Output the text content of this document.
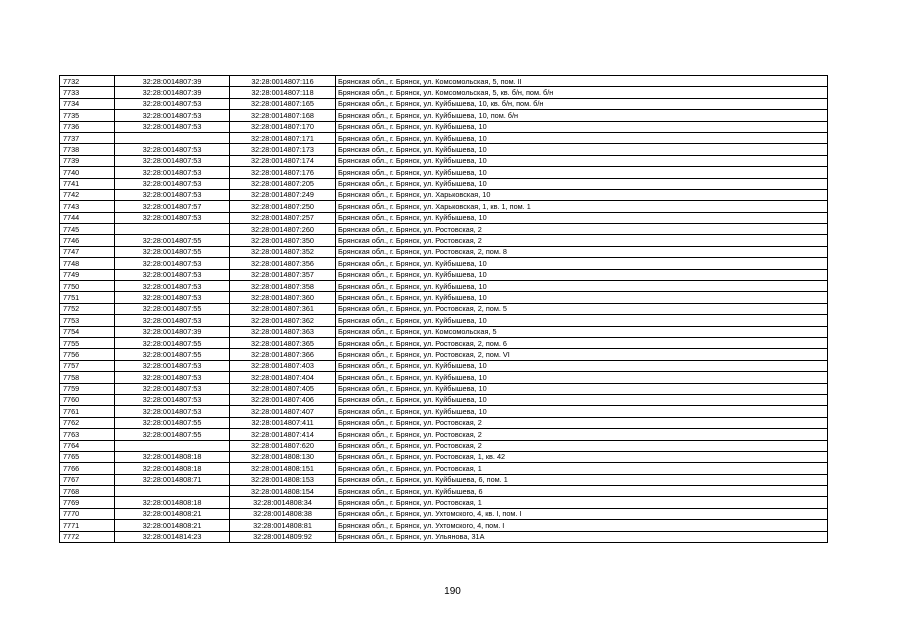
7732	32:28:0014807:39	32:28:0014807:116	Брянская обл., г. Брянск, ул. Комсомольская, 5, пом. II
7733	32:28:0014807:39	32:28:0014807:118	Брянская обл., г. Брянск, ул. Комсомольская, 5, кв. б/н, пом. б/н
7734	32:28:0014807:53	32:28:0014807:165	Брянская обл., г. Брянск, ул. Куйбышева, 10, кв. б/н, пом. б/н
7735	32:28:0014807:53	32:28:0014807:168	Брянская обл., г. Брянск, ул. Куйбышева, 10, пом. б/н
7736	32:28:0014807:53	32:28:0014807:170	Брянская обл., г. Брянск, ул. Куйбышева, 10
7737		32:28:0014807:171	Брянская обл., г. Брянск, ул. Куйбышева, 10
7738	32:28:0014807:53	32:28:0014807:173	Брянская обл., г. Брянск, ул. Куйбышева, 10
7739	32:28:0014807:53	32:28:0014807:174	Брянская обл., г. Брянск, ул. Куйбышева, 10
7740	32:28:0014807:53	32:28:0014807:176	Брянская обл., г. Брянск, ул. Куйбышева, 10
7741	32:28:0014807:53	32:28:0014807:205	Брянская обл., г. Брянск, ул. Куйбышева, 10
7742	32:28:0014807:53	32:28:0014807:249	Брянская обл., г. Брянск, ул. Харьковская, 10
7743	32:28:0014807:57	32:28:0014807:250	Брянская обл., г. Брянск, ул. Харьковская, 1, кв. 1, пом. 1
7744	32:28:0014807:53	32:28:0014807:257	Брянская обл., г. Брянск, ул. Куйбышева, 10
7745		32:28:0014807:260	Брянская обл., г. Брянск, ул. Ростовская, 2
7746	32:28:0014807:55	32:28:0014807:350	Брянская обл., г. Брянск, ул. Ростовская, 2
7747	32:28:0014807:55	32:28:0014807:352	Брянская обл., г. Брянск, ул. Ростовская, 2, пом. 8
7748	32:28:0014807:53	32:28:0014807:356	Брянская обл., г. Брянск, ул. Куйбышева, 10
7749	32:28:0014807:53	32:28:0014807:357	Брянская обл., г. Брянск, ул. Куйбышева, 10
7750	32:28:0014807:53	32:28:0014807:358	Брянская обл., г. Брянск, ул. Куйбышева, 10
7751	32:28:0014807:53	32:28:0014807:360	Брянская обл., г. Брянск, ул. Куйбышева, 10
7752	32:28:0014807:55	32:28:0014807:361	Брянская обл., г. Брянск, ул. Ростовская, 2, пом. 5
7753	32:28:0014807:53	32:28:0014807:362	Брянская обл., г. Брянск, ул. Куйбышева, 10
7754	32:28:0014807:39	32:28:0014807:363	Брянская обл., г. Брянск, ул. Комсомольская, 5
7755	32:28:0014807:55	32:28:0014807:365	Брянская обл., г. Брянск, ул. Ростовская, 2, пом. 6
7756	32:28:0014807:55	32:28:0014807:366	Брянская обл., г. Брянск, ул. Ростовская, 2, пом. VI
7757	32:28:0014807:53	32:28:0014807:403	Брянская обл., г. Брянск, ул. Куйбышева, 10
7758	32:28:0014807:53	32:28:0014807:404	Брянская обл., г. Брянск, ул. Куйбышева, 10
7759	32:28:0014807:53	32:28:0014807:405	Брянская обл., г. Брянск, ул. Куйбышева, 10
7760	32:28:0014807:53	32:28:0014807:406	Брянская обл., г. Брянск, ул. Куйбышева, 10
7761	32:28:0014807:53	32:28:0014807:407	Брянская обл., г. Брянск, ул. Куйбышева, 10
7762	32:28:0014807:55	32:28:0014807:411	Брянская обл., г. Брянск, ул. Ростовская, 2
7763	32:28:0014807:55	32:28:0014807:414	Брянская обл., г. Брянск, ул. Ростовская, 2
7764		32:28:0014807:620	Брянская обл., г. Брянск, ул. Ростовская, 2
7765	32:28:0014808:18	32:28:0014808:130	Брянская обл., г. Брянск, ул. Ростовская, 1, кв. 42
7766	32:28:0014808:18	32:28:0014808:151	Брянская обл., г. Брянск, ул. Ростовская, 1
7767	32:28:0014808:71	32:28:0014808:153	Брянская обл., г. Брянск, ул. Куйбышева, 6, пом. 1
7768		32:28:0014808:154	Брянская обл., г. Брянск, ул. Куйбышева, 6
7769	32:28:0014808:18	32:28:0014808:34	Брянская обл., г. Брянск, ул. Ростовская, 1
7770	32:28:0014808:21	32:28:0014808:38	Брянская обл., г. Брянск, ул. Ухтомского, 4, кв. I, пом. I
7771	32:28:0014808:21	32:28:0014808:81	Брянская обл., г. Брянск, ул. Ухтомского, 4, пом. I
7772	32:28:0014814:23	32:28:0014809:92	Брянская обл., г. Брянск, ул. Ульянова, 31А
190
